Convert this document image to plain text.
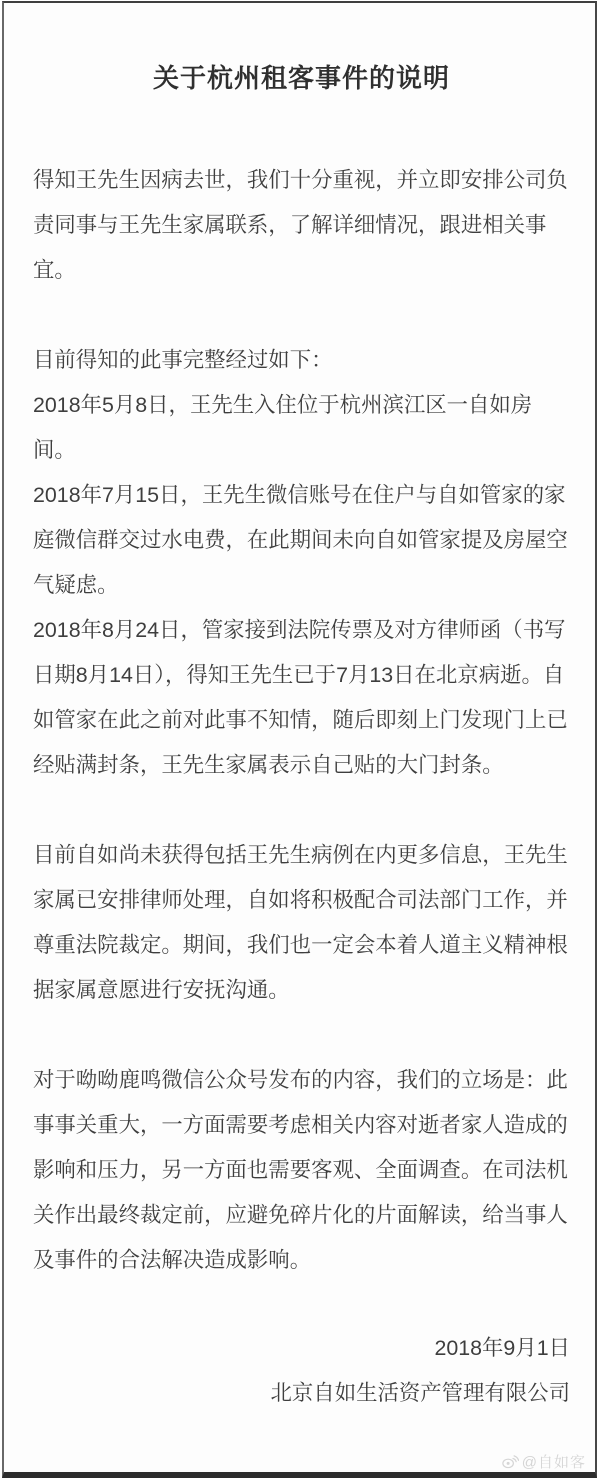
关于杭州租客事件的说明

得知王先生因病去世，我们十分重视，并立即安排公司负责同事与王先生家属联系，了解详细情况，跟进相关事宜。

目前得知的此事完整经过如下：

2018年5月8日，王先生入住位于杭州滨江区一自如房间。

2018年7月15日，王先生微信账号在住户与自如管家的家庭微信群交过水电费，在此期间未向自如管家提及房屋空气疑虑。

2018年8月24日，管家接到法院传票及对方律师函（书写日期8月14日），得知王先生已于7月13日在北京病逝。自如管家在此之前对此事不知情，随后即刻上门发现门上已经贴满封条，王先生家属表示自己贴的大门封条。

目前自如尚未获得包括王先生病例在内更多信息，王先生家属已安排律师处理，自如将积极配合司法部门工作，并尊重法院裁定。期间，我们也一定会本着人道主义精神根据家属意愿进行安抚沟通。

对于呦呦鹿鸣微信公众号发布的内容，我们的立场是：此事事关重大，一方面需要考虑相关内容对逝者家人造成的影响和压力，另一方面也需要客观、全面调查。在司法机关作出最终裁定前，应避免碎片化的片面解读，给当事人及事件的合法解决造成影响。

2018年9月1日
北京自如生活资产管理有限公司
@自如客
